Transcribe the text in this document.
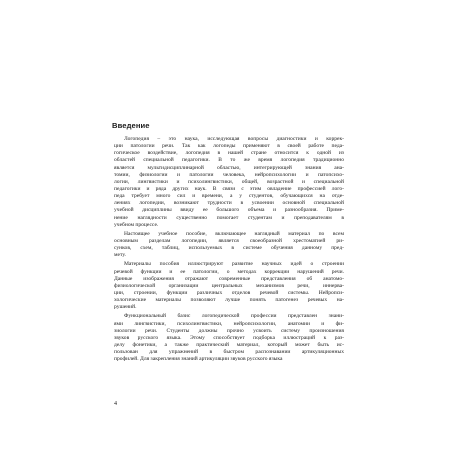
Введение
Логопедия – это наука, исследующая вопросы диагностики и коррек-
ции патологии речи. Так как логопеды применяют в своей работе педа-
гогическое воздействие, логопедия в нашей стране относится к одной из
областей специальной педагогики. В то же время логопедия традиционно
является мультидисциплинарной областью, интегрирующей знания ана-
томии, физиологии и патологии человека, нейропсихологии и патопсихо-
логии, лингвистики и психолингвистики, общей, возрастной и специальной
педагогики и ряда других наук. В связи с этим овладение профессией лого-
педа требует много сил и времени, а у студентов, обучающихся на отде-
лениях логопедии, возникают трудности в усвоении основной специальной
учебной дисциплины ввиду ее большого объема и разнообразия. Приме-
нение наглядности существенно помогает студентам и преподавателям в
учебном процессе.
Настоящее учебное пособие, включающее наглядный материал по всем
основным разделам логопедии, является своеобразной хрестоматией ри-
сунков, схем, таблиц, используемых в системе обучения данному пред-
мету.
Материалы пособия иллюстрируют развитие научных идей о строении
речевой функции и ее патологии, о методах коррекции нарушений речи.
Данные изображения отражают современные представления об анатомо-
физиологической организации центральных механизмов речи, иннерва-
ции, строении, функции различных отделов речевой системы. Нейропси-
хологические материалы позволяют лучше понять патогенез речевых на-
рушений.
Функциональный базис логопедической профессии представлен знани-
ями лингвистики, психолингвистики, нейропсихологии, анатомии и фи-
зиологии речи. Студенты должны прочно усвоить систему произношения
звуков русского языка. Этому способствует подборка иллюстраций к раз-
делу фонетики, а также практический материал, который может быть ис-
пользован для упражнений в быстром распознавании артикуляционных
профилей. Для закрепления знаний артикуляции звуков русского языка
4
